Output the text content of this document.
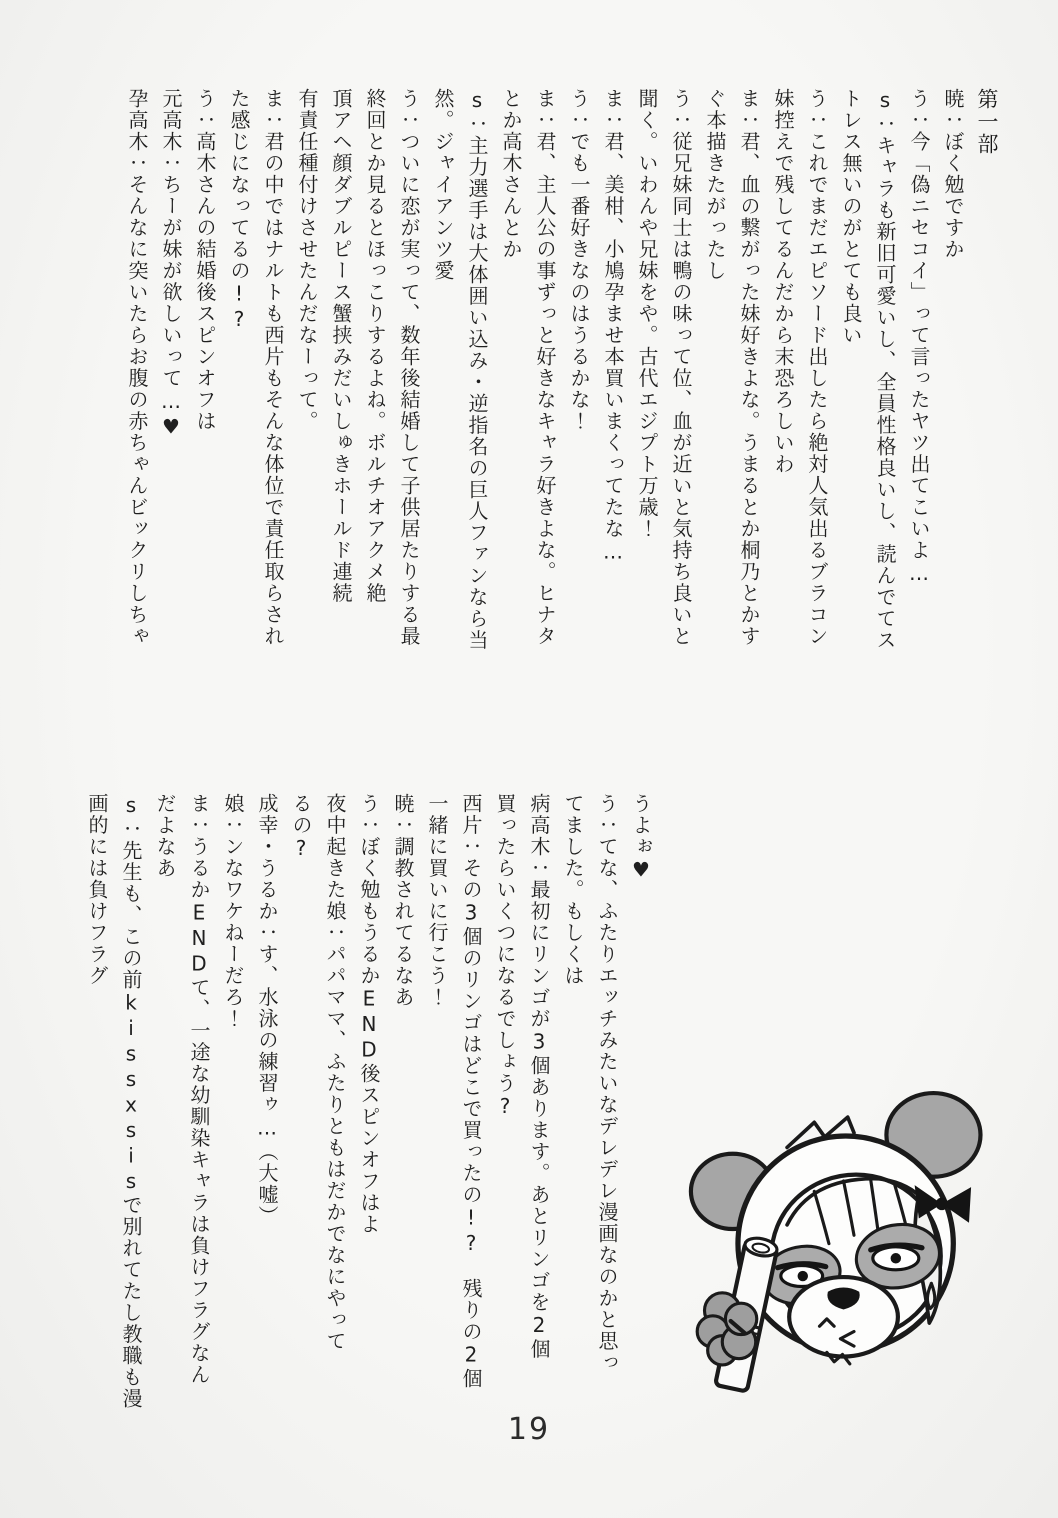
第一部

暁：ぼく勉ですか

う：今「偽ニセコイ」って言ったヤツ出てこいよ…

s：キャラも新旧可愛いし、全員性格良いし、読んでてス

トレス無いのがとても良い

う：これでまだエピソード出したら絶対人気出るブラコン

妹控えで残してるんだから末恐ろしいわ

ま：君、血の繋がった妹好きよな。うまるとか桐乃とかす

ぐ本描きたがったし

う：従兄妹同士は鴨の味って位、血が近いと気持ち良いと

聞く。いわんや兄妹をや。古代エジプト万歳！

ま：君、美柑、小鳩孕ませ本買いまくってたな…

う：でも一番好きなのはうるかな！

ま：君、主人公の事ずっと好きなキャラ好きよな。ヒナタ

とか高木さんとか

s：主力選手は大体囲い込み・逆指名の巨人ファンなら当

然。ジャイアンツ愛

う：ついに恋が実って、数年後結婚して子供居たりする最

終回とか見るとほっこりするよね。ボルチオアクメ絶

頂アヘ顔ダブルピース蟹挟みだいしゅきホールド連続

有責任種付けさせたんだなーって。

ま：君の中ではナルトも西片もそんな体位で責任取らされ

た感じになってるの!?

う：高木さんの結婚後スピンオフは

元高木：ちーが妹が欲しいって…♥

孕高木：そんなに突いたらお腹の赤ちゃんビックリしちゃ

うよぉ♥

う：てな、ふたりエッチみたいなデレデレ漫画なのかと思っ

てました。もしくは

病高木：最初にリンゴが3個あります。あとリンゴを2個

買ったらいくつになるでしょう?

西片：その3個のリンゴはどこで買ったの!?　残りの2個

一緒に買いに行こう！

暁：調教されてるなあ

う：ぼく勉もうるかEND後スピンオフはよ

夜中起きた娘：パパママ、ふたりともはだかでなにやって

るの?

成幸・うるか：す、水泳の練習ゥ…（大嘘）

娘：ンなワケねーだろ！

ま：うるかENDて、一途な幼馴染キャラは負けフラグなん

だよなあ

s：先生も、この前kissxsisで別れてたし教職も漫

画的には負けフラグ

19
